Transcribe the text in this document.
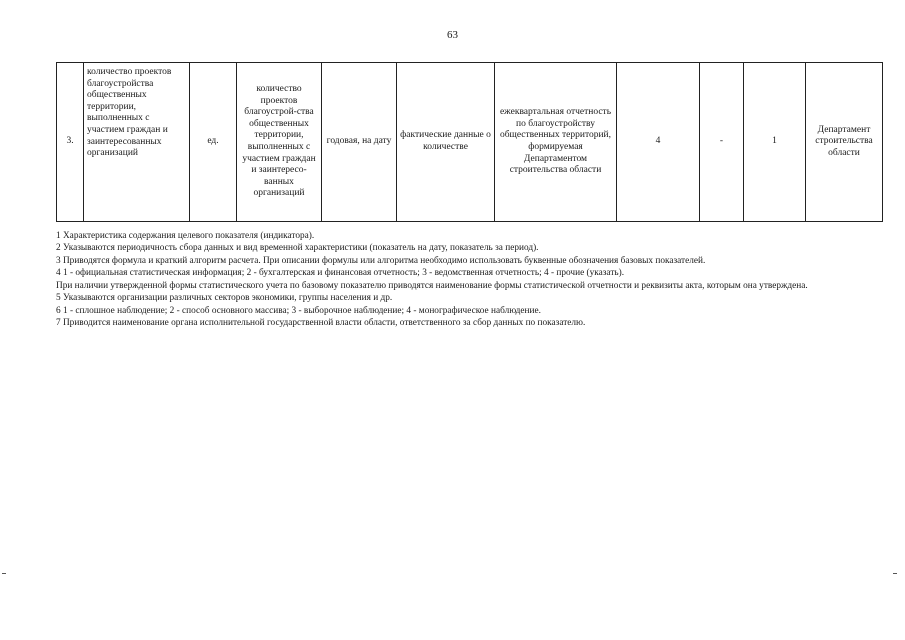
63
3.	количество проектов благоустройства общественных территории, выполненных с участием граждан и заинтересованных организаций	ед.	количество проектов благоустрой-ства общественных территории, выполненных с участием граждан и заинтересо-ванных организаций	годовая, на дату	фактические данные о количестве	ежеквартальная отчетность по благоустройству общественных территорий, формируемая Департаментом строительства области	4	-	1	Департамент строительства области

1 Характеристика содержания целевого показателя (индикатора).

2 Указываются периодичность сбора данных и вид временной характеристики (показатель на дату, показатель за период).

3 Приводятся формула и краткий алгоритм расчета. При описании формулы или алгоритма необходимо использовать буквенные обозначения базовых показателей.

4 1 - официальная статистическая информация; 2 - бухгалтерская и финансовая отчетность; 3 - ведомственная отчетность; 4 - прочие (указать).

При наличии утвержденной формы статистического учета по базовому показателю приводятся наименование формы статистической отчетности и реквизиты акта, которым она утверждена.

5 Указываются организации различных секторов экономики, группы населения и др.

6 1 - сплошное наблюдение; 2 - способ основного массива; 3 - выборочное наблюдение; 4 - монографическое наблюдение.

7 Приводится наименование органа исполнительной государственной власти области, ответственного за сбор данных по показателю.
